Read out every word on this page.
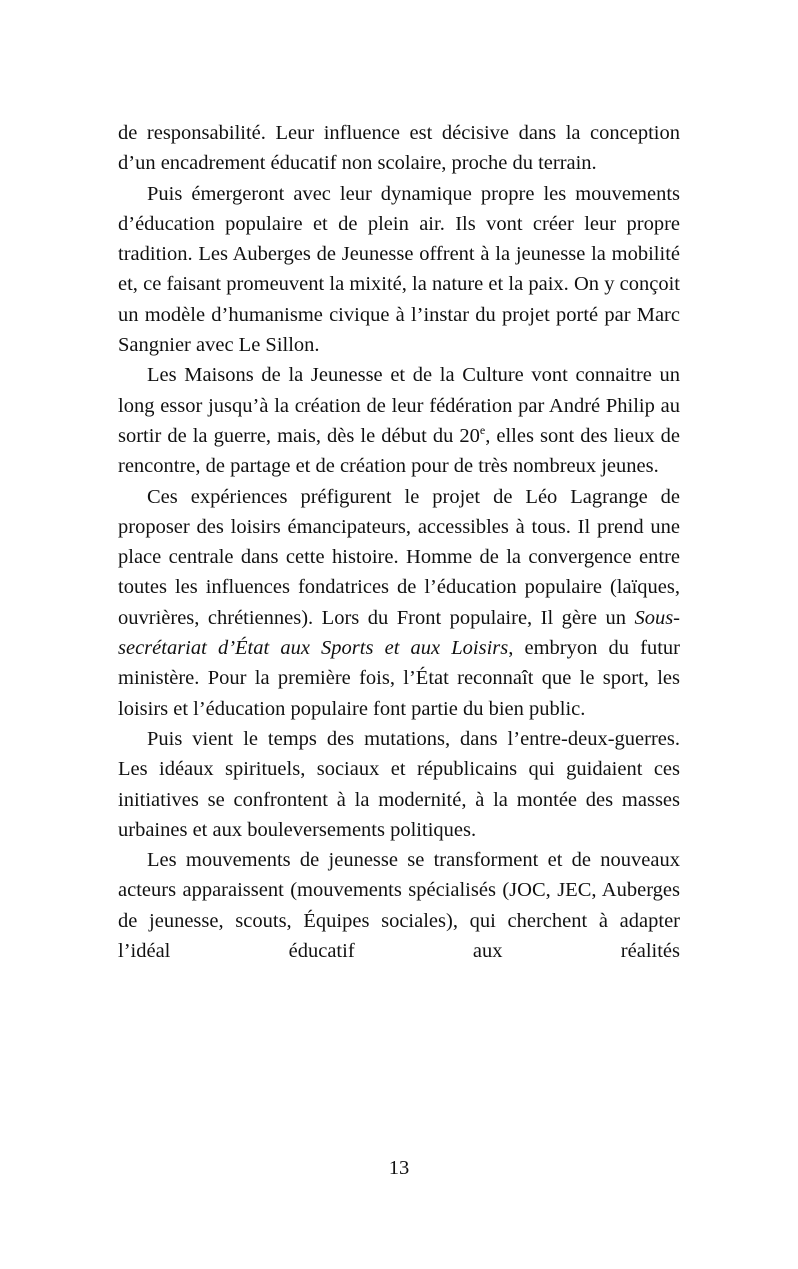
de responsabilité. Leur influence est décisive dans la conception d’un encadrement éducatif non scolaire, proche du terrain.

Puis émergeront avec leur dynamique propre les mouvements d’éducation populaire et de plein air. Ils vont créer leur propre tradition. Les Auberges de Jeunesse offrent à la jeunesse la mobilité et, ce faisant promeuvent la mixité, la nature et la paix. On y conçoit un modèle d’humanisme civique à l’instar du projet porté par Marc Sangnier avec Le Sillon.

Les Maisons de la Jeunesse et de la Culture vont connaitre un long essor jusqu’à la création de leur fédération par André Philip au sortir de la guerre, mais, dès le début du 20e, elles sont des lieux de rencontre, de partage et de création pour de très nombreux jeunes.

Ces expériences préfigurent le projet de Léo Lagrange de proposer des loisirs émancipateurs, accessibles à tous. Il prend une place centrale dans cette histoire. Homme de la convergence entre toutes les influences fondatrices de l’éducation populaire (laïques, ouvrières, chrétiennes). Lors du Front populaire, Il gère un Sous-secrétariat d’État aux Sports et aux Loisirs, embryon du futur ministère. Pour la première fois, l’État reconnaît que le sport, les loisirs et l’éducation populaire font partie du bien public.

Puis vient le temps des mutations, dans l’entre-deux-guerres. Les idéaux spirituels, sociaux et républicains qui guidaient ces initiatives se confrontent à la modernité, à la montée des masses urbaines et aux bouleversements politiques.

Les mouvements de jeunesse se transforment et de nouveaux acteurs apparaissent (mouvements spécialisés (JOC, JEC, Auberges de jeunesse, scouts, Équipes sociales), qui cherchent à adapter l’idéal éducatif aux réalités

13
